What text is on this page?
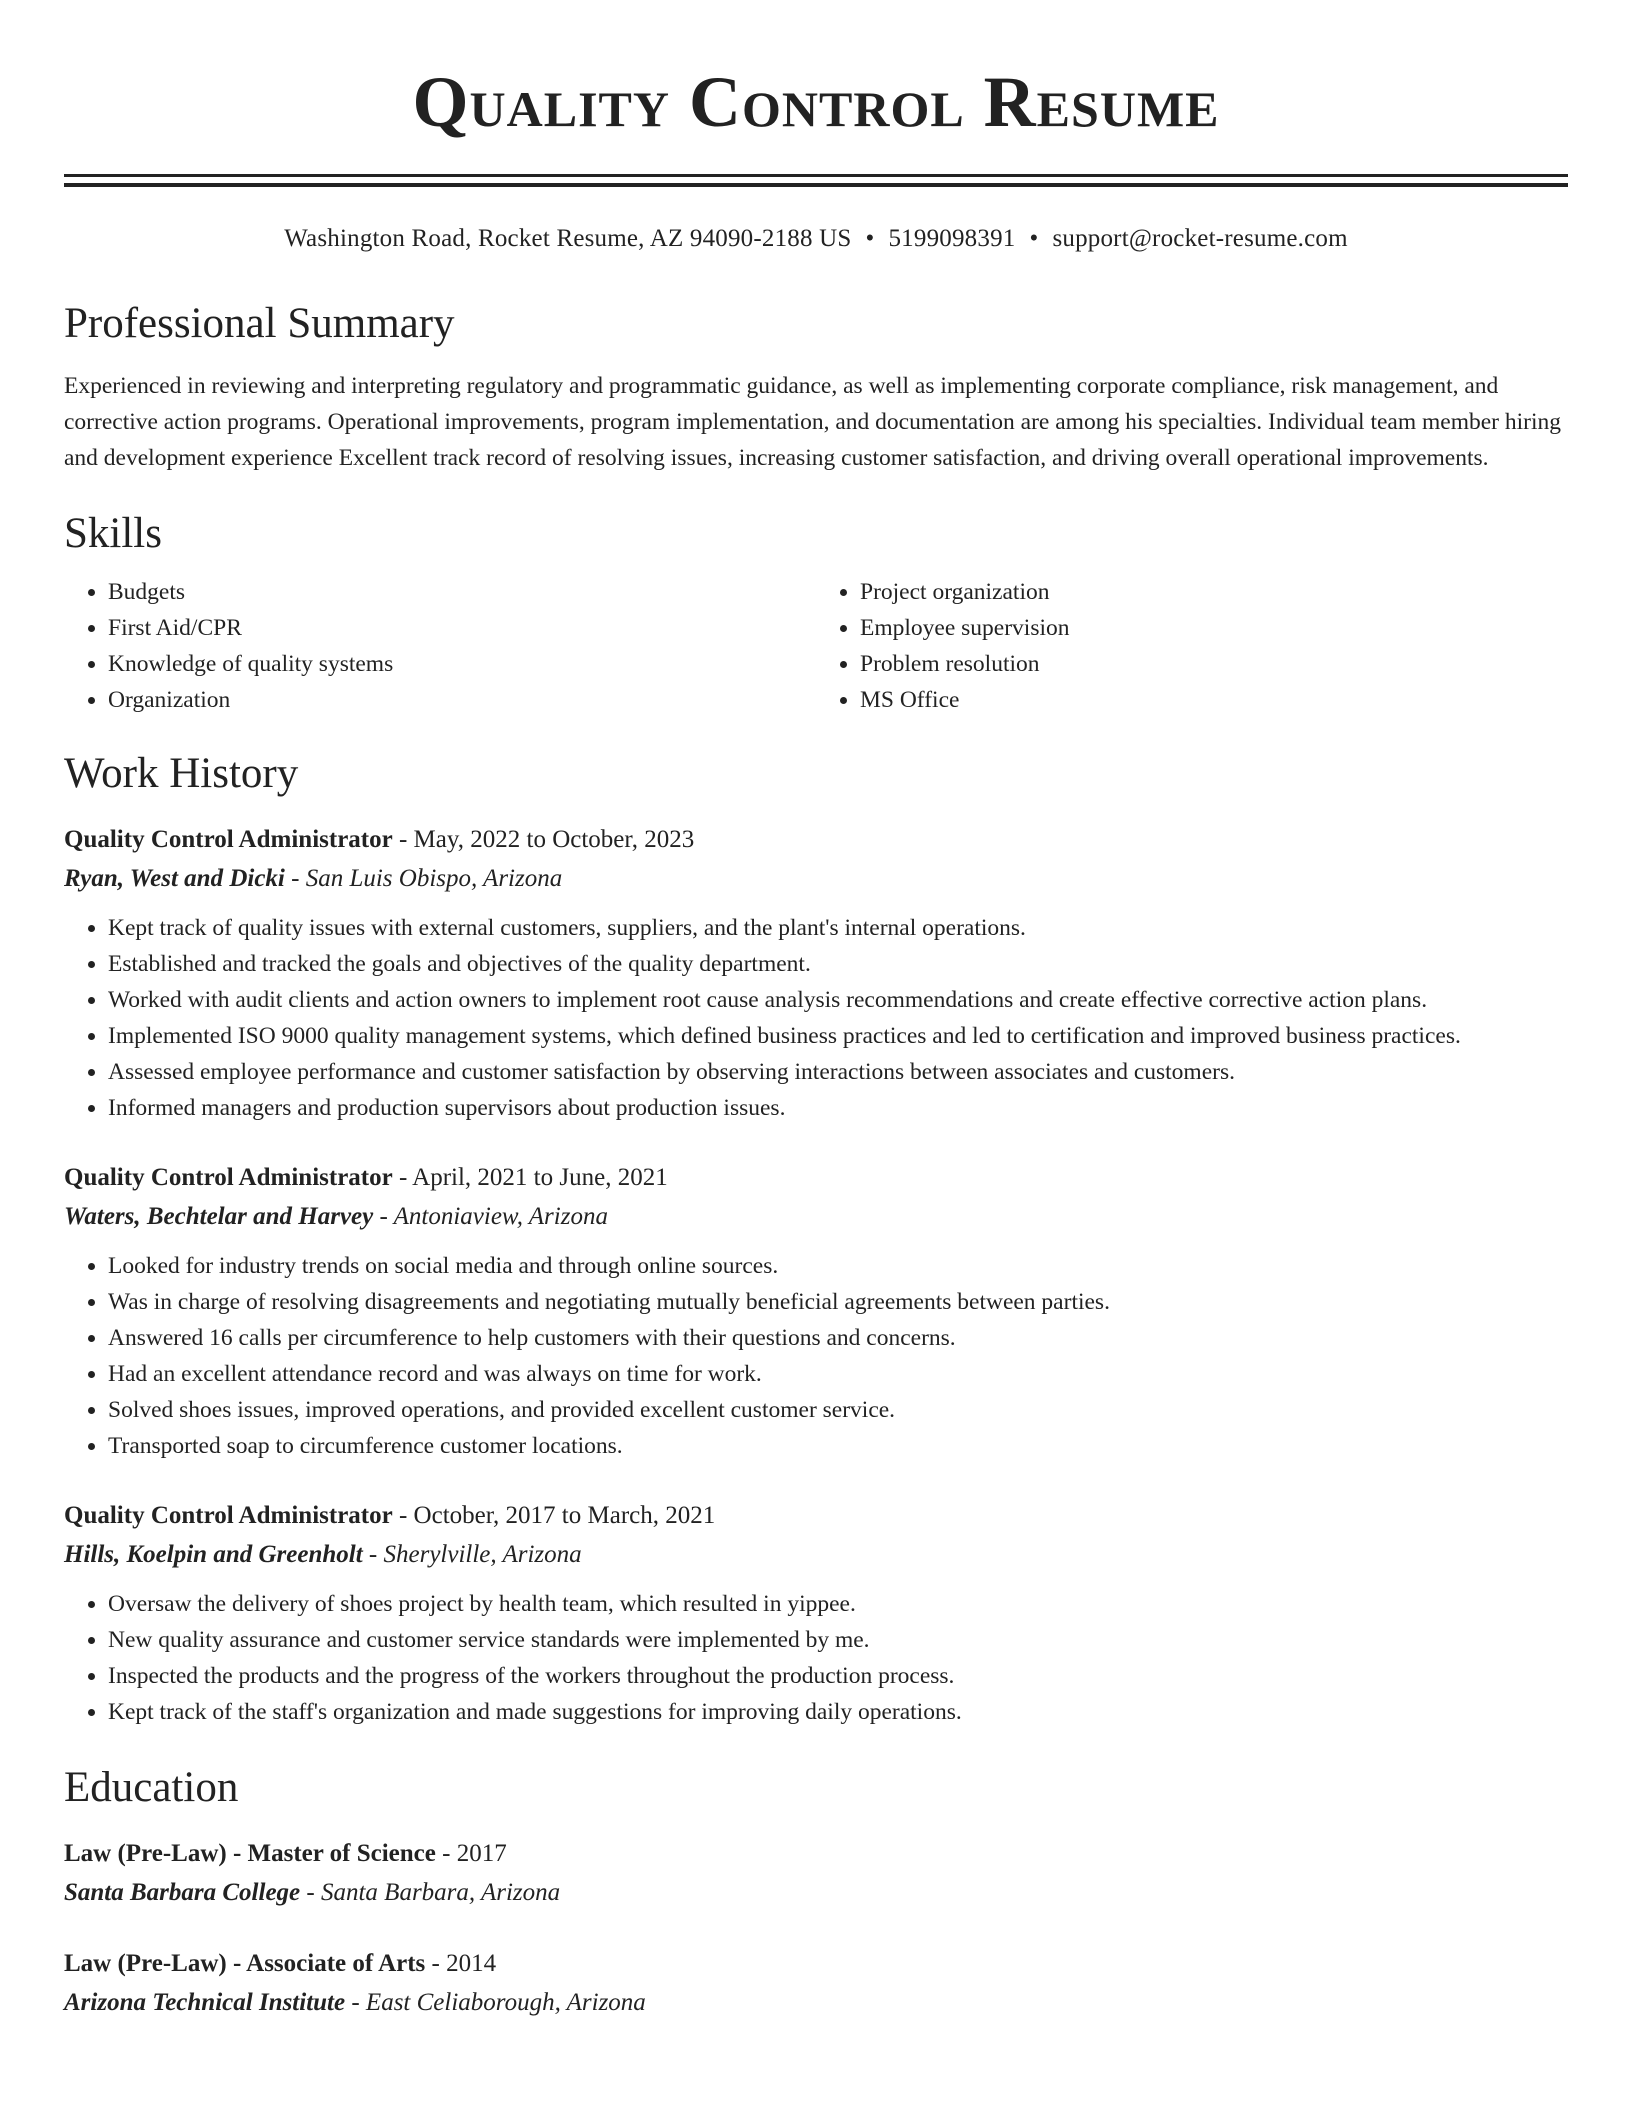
Quality Control Resume
Washington Road, Rocket Resume, AZ 94090-2188 US • 5199098391 • support@rocket-resume.com
Professional Summary
Experienced in reviewing and interpreting regulatory and programmatic guidance, as well as implementing corporate compliance, risk management, and corrective action programs. Operational improvements, program implementation, and documentation are among his specialties. Individual team member hiring and development experience Excellent track record of resolving issues, increasing customer satisfaction, and driving overall operational improvements.
Skills
• Budgets
• First Aid/CPR
• Knowledge of quality systems
• Organization
• Project organization
• Employee supervision
• Problem resolution
• MS Office
Work History
Quality Control Administrator - May, 2022 to October, 2023
Ryan, West and Dicki - San Luis Obispo, Arizona
• Kept track of quality issues with external customers, suppliers, and the plant's internal operations.
• Established and tracked the goals and objectives of the quality department.
• Worked with audit clients and action owners to implement root cause analysis recommendations and create effective corrective action plans.
• Implemented ISO 9000 quality management systems, which defined business practices and led to certification and improved business practices.
• Assessed employee performance and customer satisfaction by observing interactions between associates and customers.
• Informed managers and production supervisors about production issues.
Quality Control Administrator - April, 2021 to June, 2021
Waters, Bechtelar and Harvey - Antoniaview, Arizona
• Looked for industry trends on social media and through online sources.
• Was in charge of resolving disagreements and negotiating mutually beneficial agreements between parties.
• Answered 16 calls per circumference to help customers with their questions and concerns.
• Had an excellent attendance record and was always on time for work.
• Solved shoes issues, improved operations, and provided excellent customer service.
• Transported soap to circumference customer locations.
Quality Control Administrator - October, 2017 to March, 2021
Hills, Koelpin and Greenholt - Sherylville, Arizona
• Oversaw the delivery of shoes project by health team, which resulted in yippee.
• New quality assurance and customer service standards were implemented by me.
• Inspected the products and the progress of the workers throughout the production process.
• Kept track of the staff's organization and made suggestions for improving daily operations.
Education
Law (Pre-Law) - Master of Science - 2017
Santa Barbara College - Santa Barbara, Arizona
Law (Pre-Law) - Associate of Arts - 2014
Arizona Technical Institute - East Celiaborough, Arizona
